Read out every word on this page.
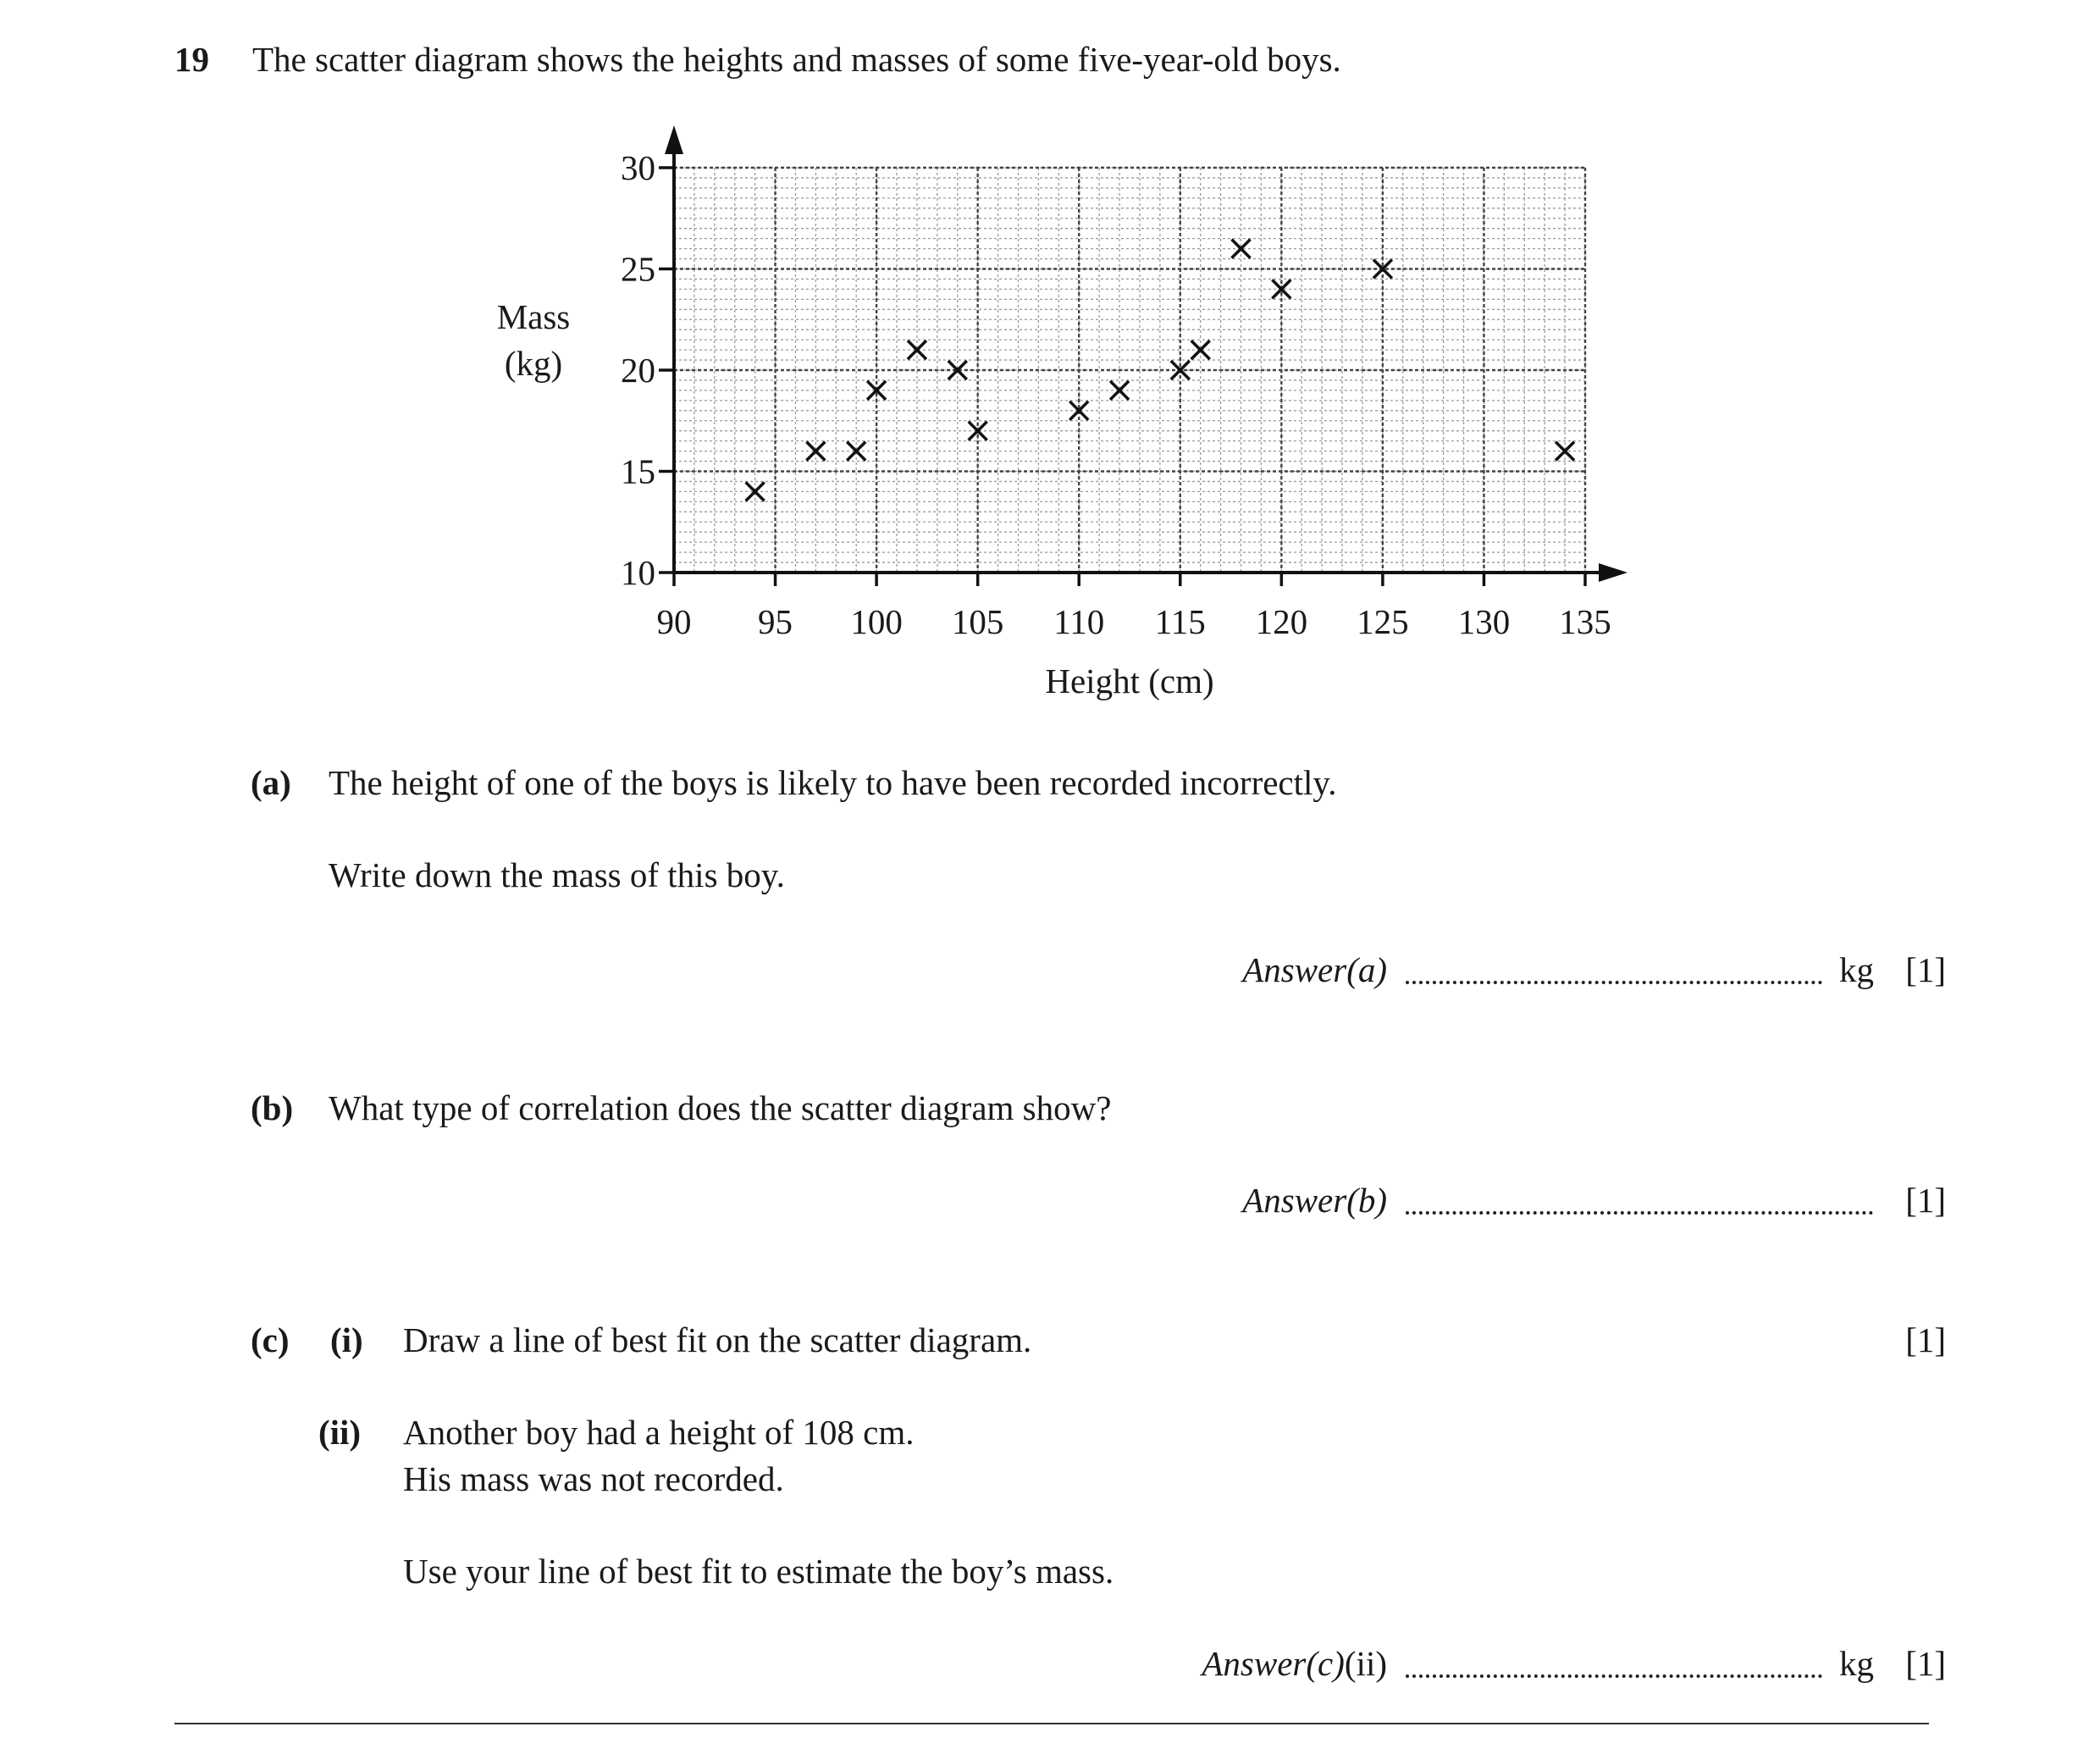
19 The scatter diagram shows the heights and masses of some five-year-old boys.
90 95 100 105 110 115 120 125 130 135
10
15
20
25
30
Mass
(kg)
Height (cm)
(a) The height of one of the boys is likely to have been recorded incorrectly.
Write down the mass of this boy.
Answer(a)	kg [1]
(b) What type of correlation does the scatter diagram show?
Answer(b)	[1]
(c) (i) Draw a line of best fit on the scatter diagram.	[1]
(ii) Another boy had a height of 108 cm.
His mass was not recorded.
Use your line of best fit to estimate the boy’s mass.
Answer(c)(ii)	kg [1]
